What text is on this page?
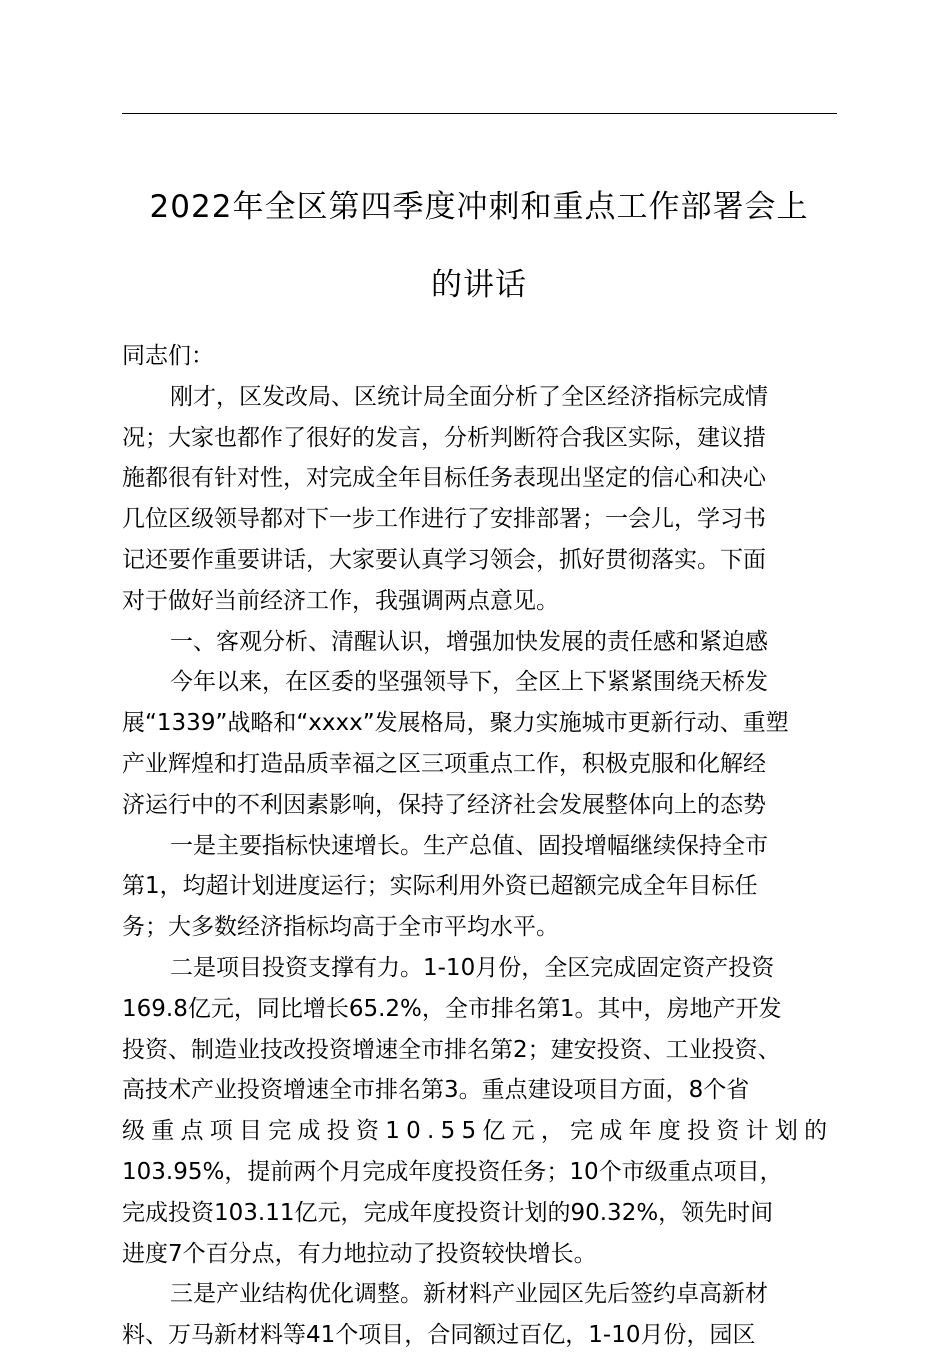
2022年全区第四季度冲刺和重点工作部署会上
的讲话
同志们：
刚才，区发改局、区统计局全面分析了全区经济指标完成情
况；大家也都作了很好的发言，分析判断符合我区实际，建议措
施都很有针对性，对完成全年目标任务表现出坚定的信心和决心
几位区级领导都对下一步工作进行了安排部署；一会儿，学习书
记还要作重要讲话，大家要认真学习领会，抓好贯彻落实。下面
对于做好当前经济工作，我强调两点意见。
一、客观分析、清醒认识，增强加快发展的责任感和紧迫感
今年以来，在区委的坚强领导下，全区上下紧紧围绕天桥发
展“1339”战略和“xxxx”发展格局，聚力实施城市更新行动、重塑
产业辉煌和打造品质幸福之区三项重点工作，积极克服和化解经
济运行中的不利因素影响，保持了经济社会发展整体向上的态势
一是主要指标快速增长。生产总值、固投增幅继续保持全市
第1，均超计划进度运行；实际利用外资已超额完成全年目标任
务；大多数经济指标均高于全市平均水平。
二是项目投资支撑有力。1-10月份，全区完成固定资产投资
169.8亿元，同比增长65.2%，全市排名第1。其中，房地产开发
投资、制造业技改投资增速全市排名第2；建安投资、工业投资、
高技术产业投资增速全市排名第3。重点建设项目方面，8个省
级重点项目完成投资10.55亿元，完成年度投资计划的
103.95%，提前两个月完成年度投资任务；10个市级重点项目，
完成投资103.11亿元，完成年度投资计划的90.32%，领先时间
进度7个百分点，有力地拉动了投资较快增长。
三是产业结构优化调整。新材料产业园区先后签约卓高新材
料、万马新材料等41个项目，合同额过百亿，1-10月份，园区
